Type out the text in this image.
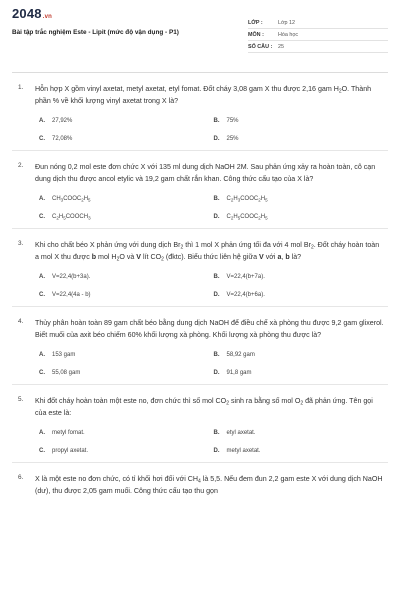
2048.vn
Bài tập trắc nghiệm Este - Lipit (mức độ vận dụng - P1)
LỚP :	Lớp 12
MÔN :	Hóa học
SỐ CÂU :	25
1.	Hỗn hợp X gồm vinyl axetat, metyl axetat, etyl fomat. Đốt cháy 3,08 gam X thu được 2,16 gam $H_2O$. Thành phần % về khối lượng vinyl axetat trong X là?
A.	27,92%	B.	75%
C.	72,08%	D.	25%
2.	Đun nóng 0,2 mol este đơn chức X với 135 ml dung dịch NaOH 2M. Sau phản ứng xảy ra hoàn toàn, cô cạn dung dịch thu được ancol etylic và 19,2 gam chất rắn khan. Công thức cấu tạo của X là?
A.	$CH_3COOC_2H_5$	B.	$C_2H_3COOC_2H_5$
C.	$C_2H_5COOCH_3$	D.	$C_2H_5COOC_2H_5$
3.	Khi cho chất béo X phản ứng với dung dịch $Br_2$ thì 1 mol X phản ứng tối đa với 4 mol $Br_2$. Đốt cháy hoàn toàn a mol X thu được b mol $H_2O$ và V lít $CO_2$ (đktc). Biểu thức liên hệ giữa V với a, b là?
A.	V=22,4(b+3a).	B.	V=22,4(b+7a).
C.	V=22,4(4a - b)	D.	V=22,4(b+6a).
4.	Thủy phân hoàn toàn 89 gam chất béo bằng dung dịch NaOH để điều chế xà phòng thu được 9,2 gam glixerol. Biết muối của axit béo chiếm 60% khối lượng xà phòng. Khối lượng xà phòng thu được là?
A.	153 gam	B.	58,92 gam
C.	55,08 gam	D.	91,8 gam
5.	Khi đốt cháy hoàn toàn một este no, đơn chức thì số mol $CO_2$ sinh ra bằng số mol $O_2$ đã phản ứng. Tên gọi của este là:
A.	metyl fomat.	B.	etyl axetat.
C.	propyl axetat.	D.	metyl axetat.
6.	X là một este no đơn chức, có tỉ khối hơi đối với $CH_4$ là 5,5. Nếu đem đun 2,2 gam este X với dung dịch NaOH (dư), thu được 2,05 gam muối. Công thức cấu tạo thu gọn
